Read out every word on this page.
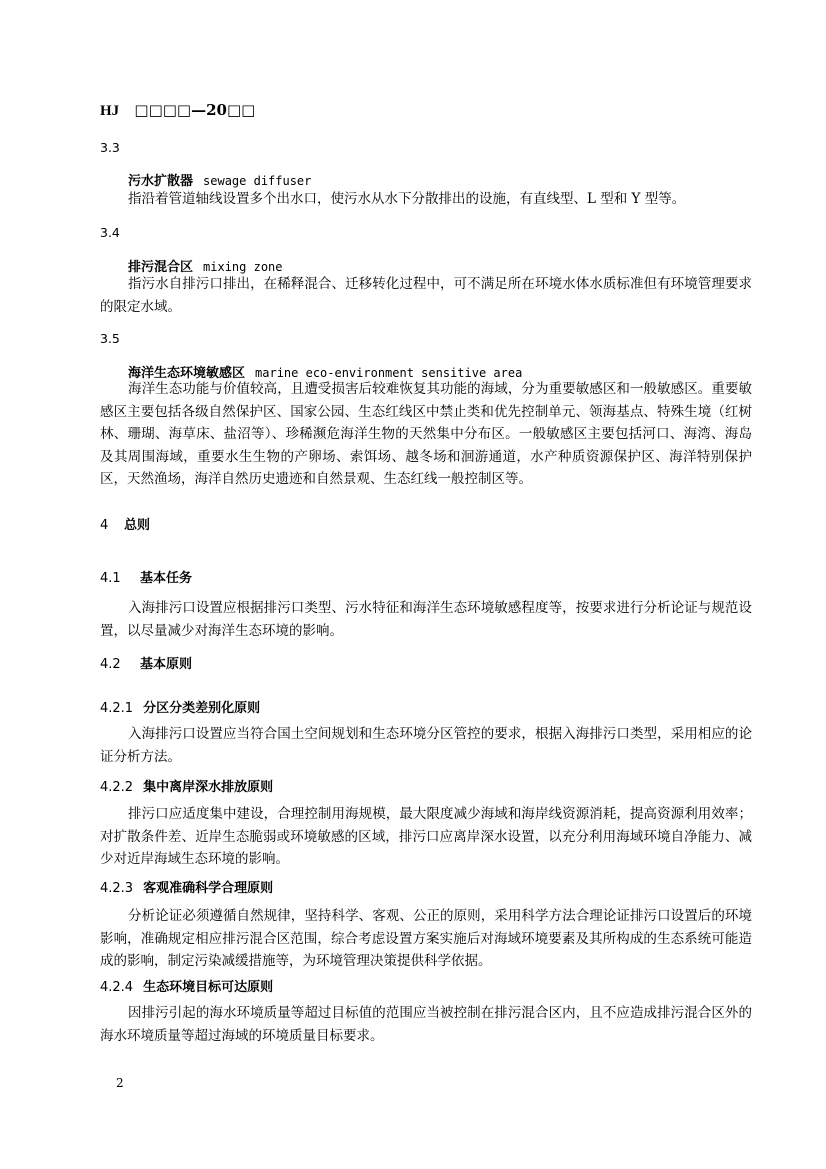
HJ □□□□—20□□
3.3
污水扩散器 sewage diffuser
指沿着管道轴线设置多个出水口，使污水从水下分散排出的设施，有直线型、L 型和 Y 型等。
3.4
排污混合区 mixing zone
指污水自排污口排出，在稀释混合、迁移转化过程中，可不满足所在环境水体水质标准但有环境管理要求的限定水域。
3.5
海洋生态环境敏感区 marine eco-environment sensitive area
海洋生态功能与价值较高，且遭受损害后较难恢复其功能的海域，分为重要敏感区和一般敏感区。重要敏感区主要包括各级自然保护区、国家公园、生态红线区中禁止类和优先控制单元、领海基点、特殊生境（红树林、珊瑚、海草床、盐沼等）、珍稀濒危海洋生物的天然集中分布区。一般敏感区主要包括河口、海湾、海岛及其周围海域，重要水生生物的产卵场、索饵场、越冬场和洄游通道，水产种质资源保护区、海洋特别保护区，天然渔场，海洋自然历史遗迹和自然景观、生态红线一般控制区等。
4 总则
4.1 基本任务
入海排污口设置应根据排污口类型、污水特征和海洋生态环境敏感程度等，按要求进行分析论证与规范设置，以尽量减少对海洋生态环境的影响。
4.2 基本原则
4.2.1 分区分类差别化原则
入海排污口设置应当符合国土空间规划和生态环境分区管控的要求，根据入海排污口类型，采用相应的论证分析方法。
4.2.2 集中离岸深水排放原则
排污口应适度集中建设，合理控制用海规模，最大限度减少海域和海岸线资源消耗，提高资源利用效率；对扩散条件差、近岸生态脆弱或环境敏感的区域，排污口应离岸深水设置，以充分利用海域环境自净能力、减少对近岸海域生态环境的影响。
4.2.3 客观准确科学合理原则
分析论证必须遵循自然规律，坚持科学、客观、公正的原则，采用科学方法合理论证排污口设置后的环境影响，准确规定相应排污混合区范围，综合考虑设置方案实施后对海域环境要素及其所构成的生态系统可能造成的影响，制定污染减缓措施等，为环境管理决策提供科学依据。
4.2.4 生态环境目标可达原则
因排污引起的海水环境质量等超过目标值的范围应当被控制在排污混合区内，且不应造成排污混合区外的海水环境质量等超过海域的环境质量目标要求。
2
